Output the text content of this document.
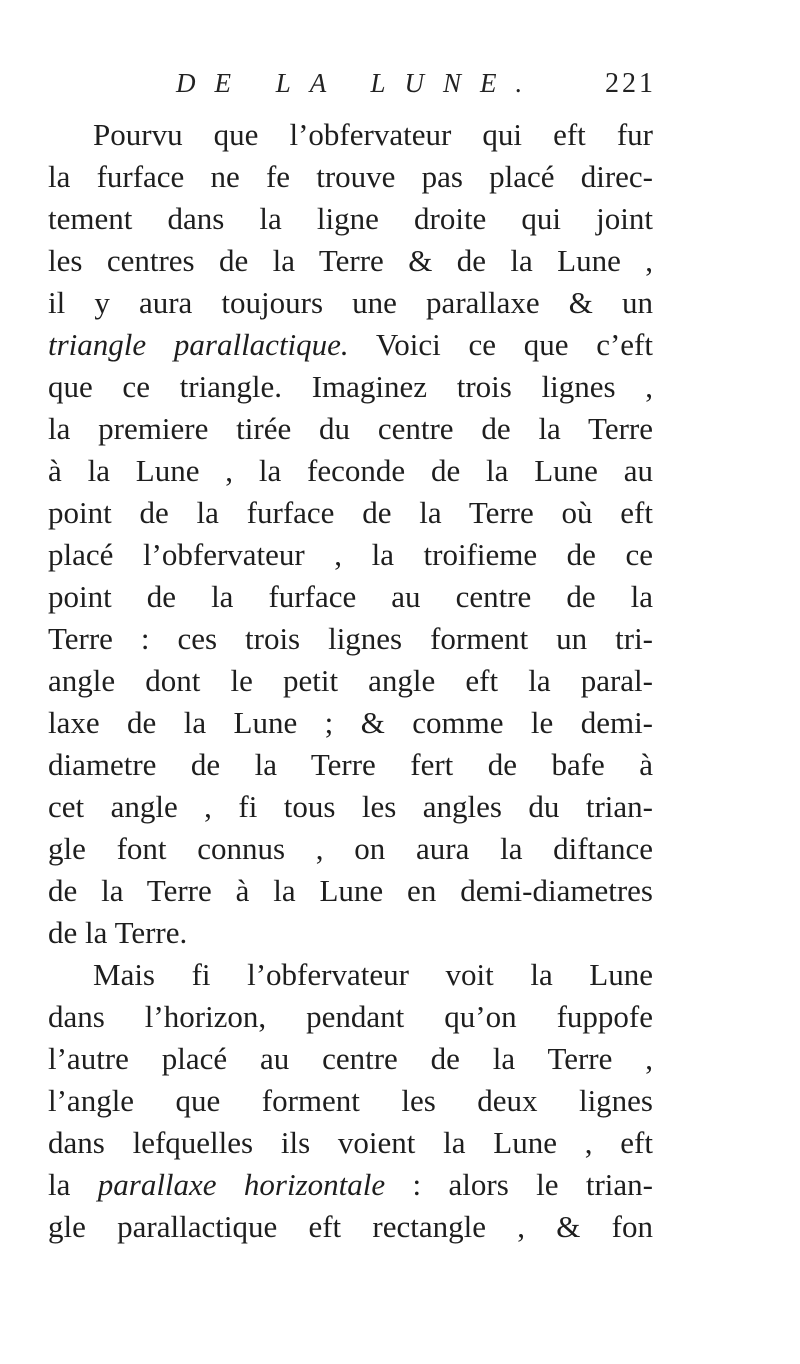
DE LA LUNE. 221
Pourvu que l’obfervateur qui eft fur
la furface ne fe trouve pas placé direc-
tement dans la ligne droite qui joint
les centres de la Terre & de la Lune ,
il y aura toujours une parallaxe & un
triangle parallactique. Voici ce que c’eft
que ce triangle. Imaginez trois lignes ,
la premiere tirée du centre de la Terre
à la Lune , la feconde de la Lune au
point de la furface de la Terre où eft
placé l’obfervateur , la troifieme de ce
point de la furface au centre de la
Terre : ces trois lignes forment un tri-
angle dont le petit angle eft la paral-
laxe de la Lune ; & comme le demi-
diametre de la Terre fert de bafe à
cet angle , fi tous les angles du trian-
gle font connus , on aura la diftance
de la Terre à la Lune en demi-diametres
de la Terre.
Mais fi l’obfervateur voit la Lune
dans l’horizon, pendant qu’on fuppofe
l’autre placé au centre de la Terre ,
l’angle que forment les deux lignes
dans lefquelles ils voient la Lune , eft
la parallaxe horizontale : alors le trian-
gle parallactique eft rectangle , & fon
